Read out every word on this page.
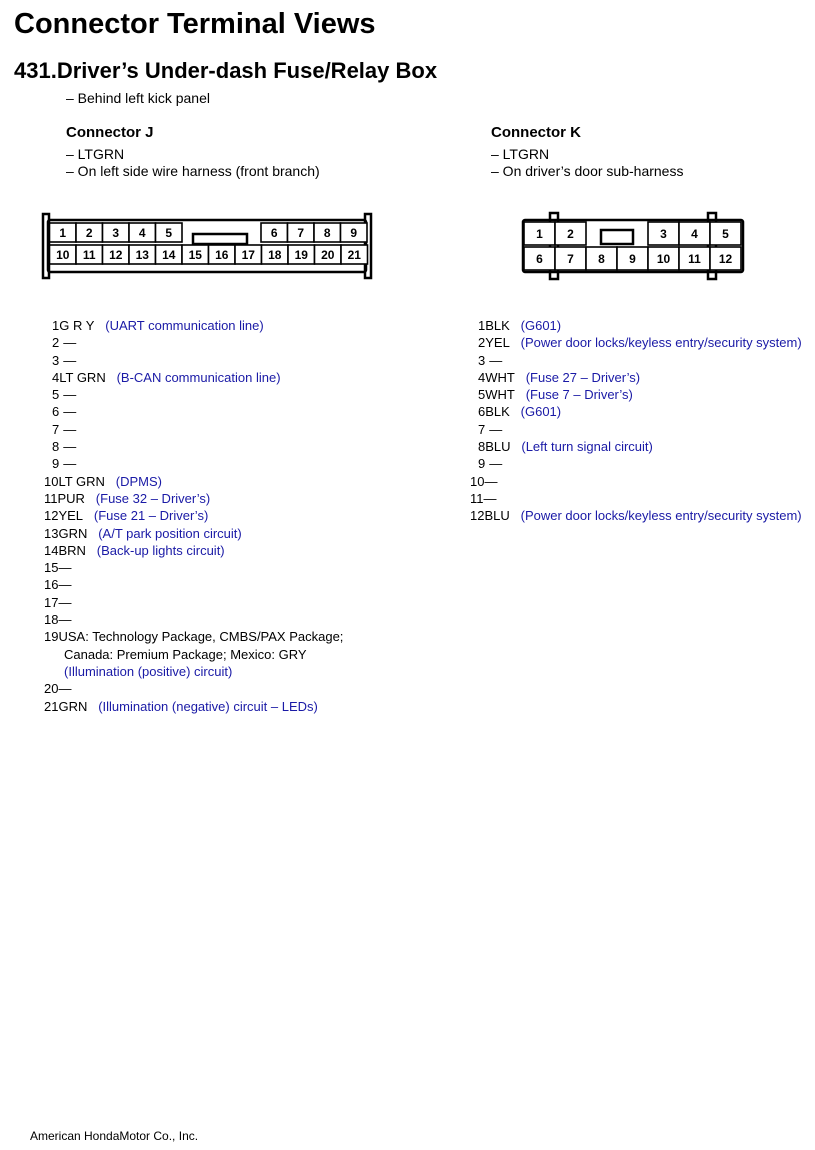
Connector Terminal Views
431.Driver’s Under-dash Fuse/Relay Box
– Behind left kick panel
Connector J
– LTGRN
– On left side wire harness (front branch)
Connector K
– LTGRN
– On driver’s door sub-harness
1 2 3 4 5	6 7 8 9
10 11 12 13 14 15 16 17 18 19 20 21
1 2	3 4 5
6 7 8 9 10 11 12
1G R Y (UART communication line)
2 —
3 —
4LT GRN (B-CAN communication line)
5 —
6 —
7 —
8 —
9 —
10LT GRN (DPMS)
11PUR (Fuse 32 – Driver’s)
12YEL (Fuse 21 – Driver’s)
13GRN (A/T park position circuit)
14BRN (Back-up lights circuit)
15—
16—
17—
18—
19USA: Technology Package, CMBS/PAX Package;
Canada: Premium Package; Mexico: GRY
(Illumination (positive) circuit)
20—
21GRN (Illumination (negative) circuit – LEDs)
1BLK (G601)
2YEL (Power door locks/keyless entry/security system)
3 —
4WHT (Fuse 27 – Driver’s)
5WHT (Fuse 7 – Driver’s)
6BLK (G601)
7 —
8BLU (Left turn signal circuit)
9 —
10—
11—
12BLU (Power door locks/keyless entry/security system)
American HondaMotor Co., Inc.
